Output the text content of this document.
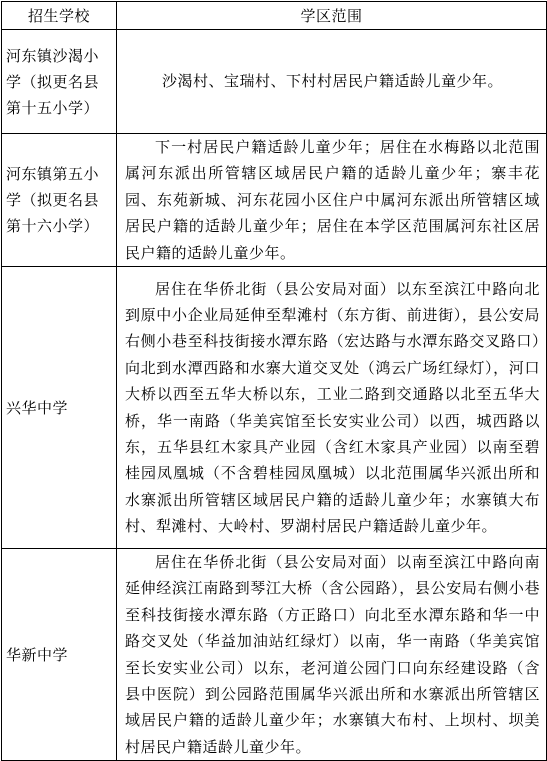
招生学校	学区范围
河东镇沙渴小学（拟更名县第十五小学）	沙渴村、宝瑞村、下村村居民户籍适龄儿童少年。
河东镇第五小学（拟更名县第十六小学）	下一村居民户籍适龄儿童少年；居住在水梅路以北范围属河东派出所管辖区域居民户籍的适龄儿童少年；寨丰花园、东苑新城、河东花园小区住户中属河东派出所管辖区域居民户籍的适龄儿童少年；居住在本学区范围属河东社区居民户籍的适龄儿童少年。
兴华中学	居住在华侨北街（县公安局对面）以东至滨江中路向北到原中小企业局延伸至犁滩村（东方街、前进街），县公安局右侧小巷至科技街接水潭东路（宏达路与水潭东路交叉路口）向北到水潭西路和水寨大道交叉处（鸿云广场红绿灯），河口大桥以西至五华大桥以东，工业二路到交通路以北至五华大桥，华一南路（华美宾馆至长安实业公司）以西，城西路以东，五华县红木家具产业园（含红木家具产业园）以南至碧桂园凤凰城（不含碧桂园凤凰城）以北范围属华兴派出所和水寨派出所管辖区域居民户籍的适龄儿童少年；水寨镇大布村、犁滩村、大岭村、罗湖村居民户籍适龄儿童少年。
华新中学	居住在华侨北街（县公安局对面）以南至滨江中路向南延伸经滨江南路到琴江大桥（含公园路），县公安局右侧小巷至科技街接水潭东路（方正路口）向北至水潭东路和华一中路交叉处（华益加油站红绿灯）以南，华一南路（华美宾馆至长安实业公司）以东，老河道公园门口向东经建设路（含县中医院）到公园路范围属华兴派出所和水寨派出所管辖区域居民户籍的适龄儿童少年；水寨镇大布村、上坝村、坝美村居民户籍适龄儿童少年。
